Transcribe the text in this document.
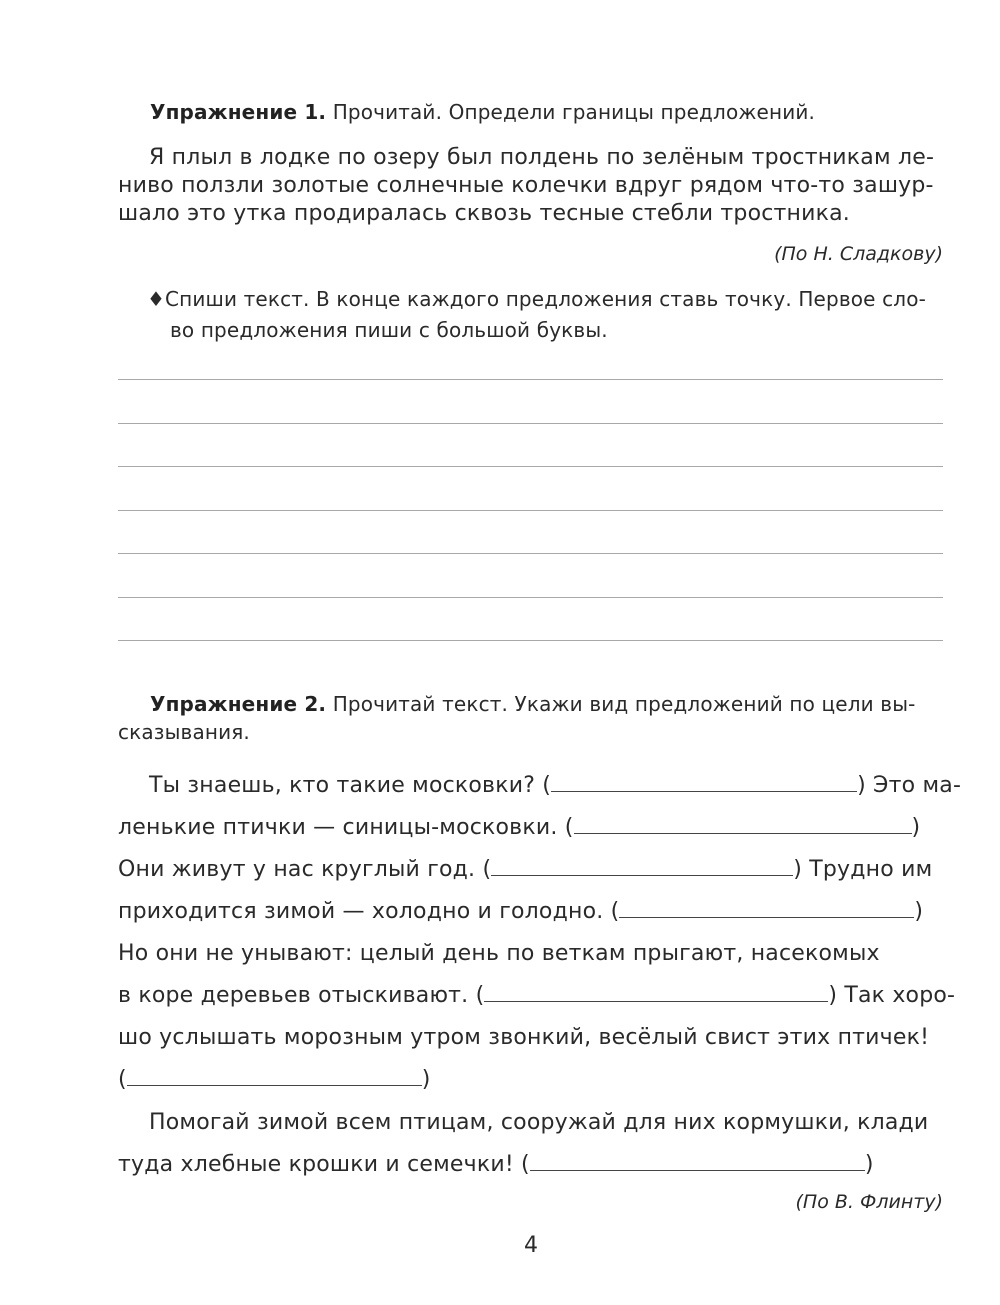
Упражнение 1. Прочитай. Определи границы предложений.
Я плыл в лодке по озеру был полдень по зелёным тростникам ле-
ниво ползли золотые солнечные колечки вдруг рядом что-то зашур-
шало это утка продиралась сквозь тесные стебли тростника.
(По Н. Сладкову)
♦Спиши текст. В конце каждого предложения ставь точку. Первое сло-
во предложения пиши с большой буквы.
Упражнение 2. Прочитай текст. Укажи вид предложений по цели вы-
сказывания.
Ты знаешь, кто такие московки? (	) Это ма-
ленькие птички — синицы-московки. (	)
Они живут у нас круглый год. (	) Трудно им
приходится зимой — холодно и голодно. (	)
Но они не унывают: целый день по веткам прыгают, насекомых
в коре деревьев отыскивают. (	) Так хоро-
шо услышать морозным утром звонкий, весёлый свист этих птичек!
(	)
Помогай зимой всем птицам, сооружай для них кормушки, клади
туда хлебные крошки и семечки! (	)
(По В. Флинту)
4
